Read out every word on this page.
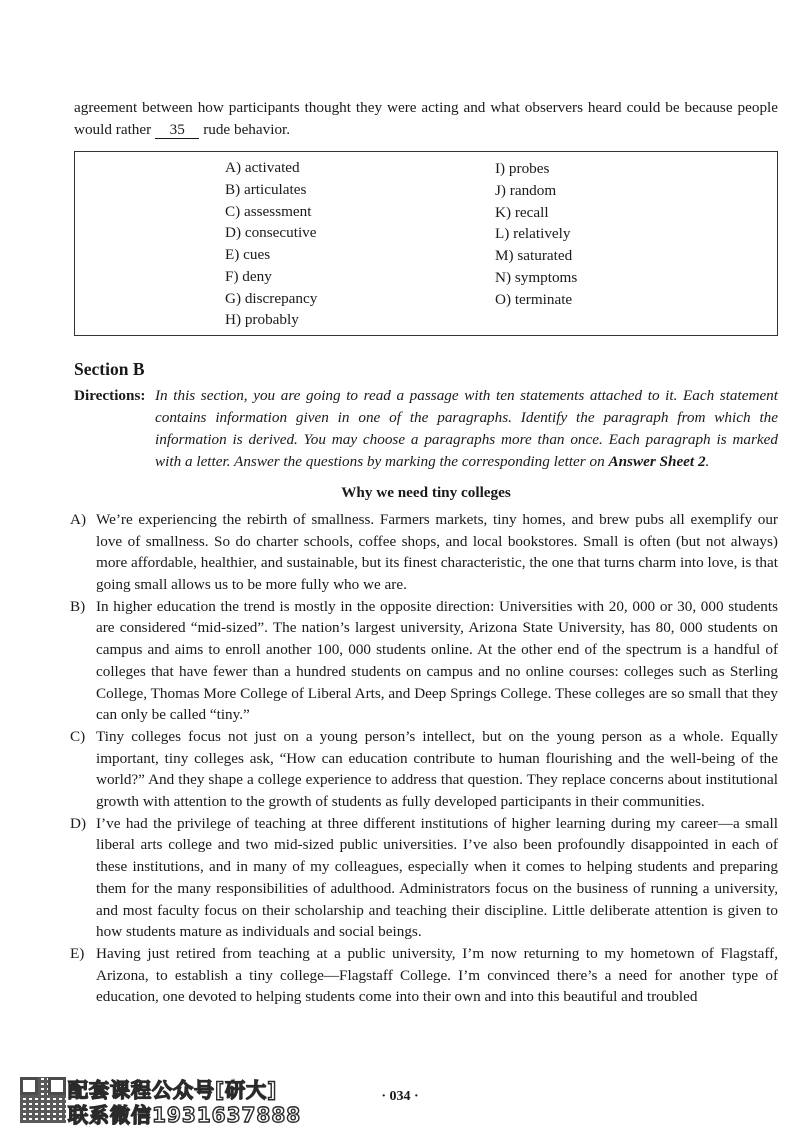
agreement between how participants thought they were acting and what observers heard could be because people would rather 35 rude behavior.

A) activated
B) articulates
C) assessment
D) consecutive
E) cues
F) deny
G) discrepancy
H) probably
I) probes
J) random
K) recall
L) relatively
M) saturated
N) symptoms
O) terminate
Section B
Directions: In this section, you are going to read a passage with ten statements attached to it. Each statement contains information given in one of the paragraphs. Identify the paragraph from which the information is derived. You may choose a paragraphs more than once. Each paragraph is marked with a letter. Answer the questions by marking the corresponding letter on Answer Sheet 2.
Why we need tiny colleges
A) We’re experiencing the rebirth of smallness. Farmers markets, tiny homes, and brew pubs all exemplify our love of smallness. So do charter schools, coffee shops, and local bookstores. Small is often (but not always) more affordable, healthier, and sustainable, but its finest characteristic, the one that turns charm into love, is that going small allows us to be more fully who we are.
B) In higher education the trend is mostly in the opposite direction: Universities with 20, 000 or 30, 000 students are considered “mid-sized”. The nation’s largest university, Arizona State University, has 80, 000 students on campus and aims to enroll another 100, 000 students online. At the other end of the spectrum is a handful of colleges that have fewer than a hundred students on campus and no online courses: colleges such as Sterling College, Thomas More College of Liberal Arts, and Deep Springs College. These colleges are so small that they can only be called “tiny.”
C) Tiny colleges focus not just on a young person’s intellect, but on the young person as a whole. Equally important, tiny colleges ask, “How can education contribute to human flourishing and the well-being of the world?” And they shape a college experience to address that question. They replace concerns about institutional growth with attention to the growth of students as fully developed participants in their communities.
D) I’ve had the privilege of teaching at three different institutions of higher learning during my career—a small liberal arts college and two mid-sized public universities. I’ve also been profoundly disappointed in each of these institutions, and in many of my colleagues, especially when it comes to helping students and preparing them for the many responsibilities of adulthood. Administrators focus on the business of running a university, and most faculty focus on their scholarship and teaching their discipline. Little deliberate attention is given to how students mature as individuals and social beings.
E) Having just retired from teaching at a public university, I’m now returning to my hometown of Flagstaff, Arizona, to establish a tiny college—Flagstaff College. I’m convinced there’s a need for another type of education, one devoted to helping students come into their own and into this beautiful and troubled
配套课程公众号[研大]
联系微信1931637888
· 034 ·
